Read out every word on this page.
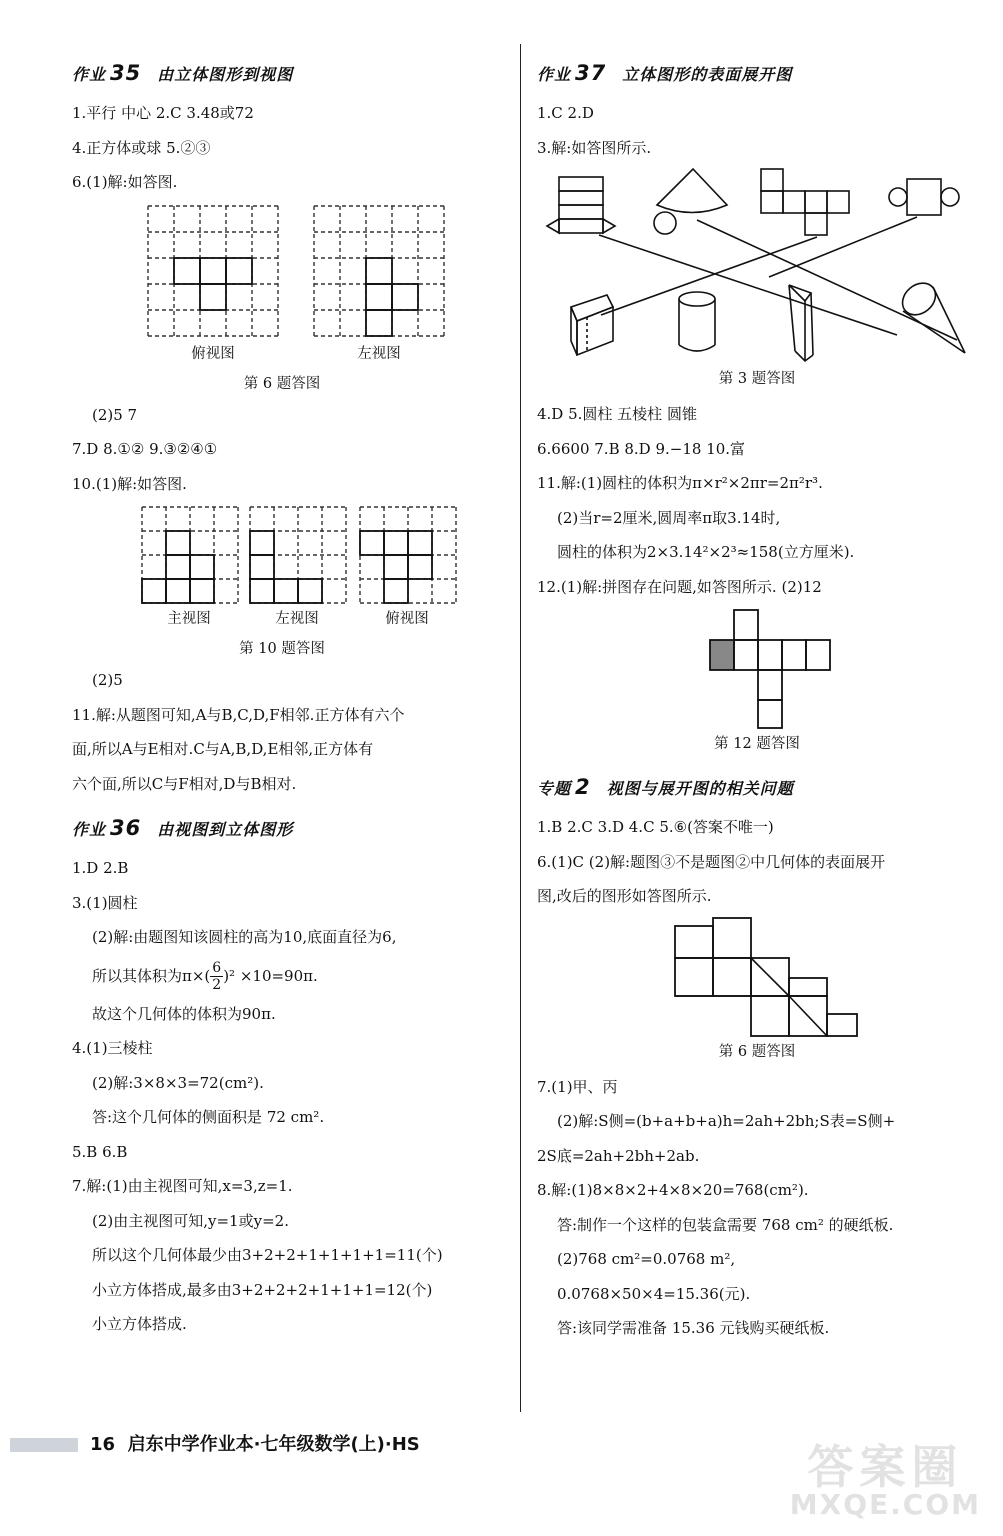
作业 35 由立体图形到视图
1.平行 中心 2.C 3.48或72
4.正方体或球 5.②③
6.(1)解:如答图.
俯视图	左视图
第 6 题答图
(2)5 7
7.D 8.①② 9.③②④①
10.(1)解:如答图.
主视图	左视图	俯视图
第 10 题答图
(2)5
11.解:从题图可知,A与B,C,D,F相邻.正方体有六个
面,所以A与E相对.C与A,B,D,E相邻,正方体有
六个面,所以C与F相对,D与B相对.
作业 36 由视图到立体图形
1.D 2.B
3.(1)圆柱
(2)解:由题图知该圆柱的高为10,底面直径为6,
所以其体积为$\pi\times( \frac{6}{2} )^2 \times 10=90\pi$.
故这个几何体的体积为90π.
4.(1)三棱柱
(2)解:3×8×3=72(cm²).
答:这个几何体的侧面积是 72 cm².
5.B 6.B
7.解:(1)由主视图可知,x=3,z=1.
(2)由主视图可知,y=1或y=2.
所以这个几何体最少由3+2+2+1+1+1+1=11(个)
小立方体搭成,最多由3+2+2+2+1+1+1=12(个)
小立方体搭成.
作业 37 立体图形的表面展开图
1.C 2.D
3.解:如答图所示.
第 3 题答图
4.D 5.圆柱 五棱柱 圆锥
6.6600 7.B 8.D 9.−18 10.富
11.解:(1)圆柱的体积为π×r²×2πr=2π²r³.
(2)当r=2厘米,圆周率π取3.14时,
圆柱的体积为2×3.14²×2³≈158(立方厘米).
12.(1)解:拼图存在问题,如答图所示. (2)12
第 12 题答图
专题 2 视图与展开图的相关问题
1.B 2.C 3.D 4.C 5.⑥(答案不唯一)
6.(1)C (2)解:题图③不是题图②中几何体的表面展开
图,改后的图形如答图所示.
第 6 题答图
7.(1)甲、丙
(2)解:S侧=(b+a+b+a)h=2ah+2bh;S表=S侧+
2S底=2ah+2bh+2ab.
8.解:(1)8×8×2+4×8×20=768(cm²).
答:制作一个这样的包装盒需要 768 cm² 的硬纸板.
(2)768 cm²=0.0768 m²,
0.0768×50×4=15.36(元).
答:该同学需准备 15.36 元钱购买硬纸板.
16 启东中学作业本·七年级数学(上)·HS	答案圈
MXQE.COM
